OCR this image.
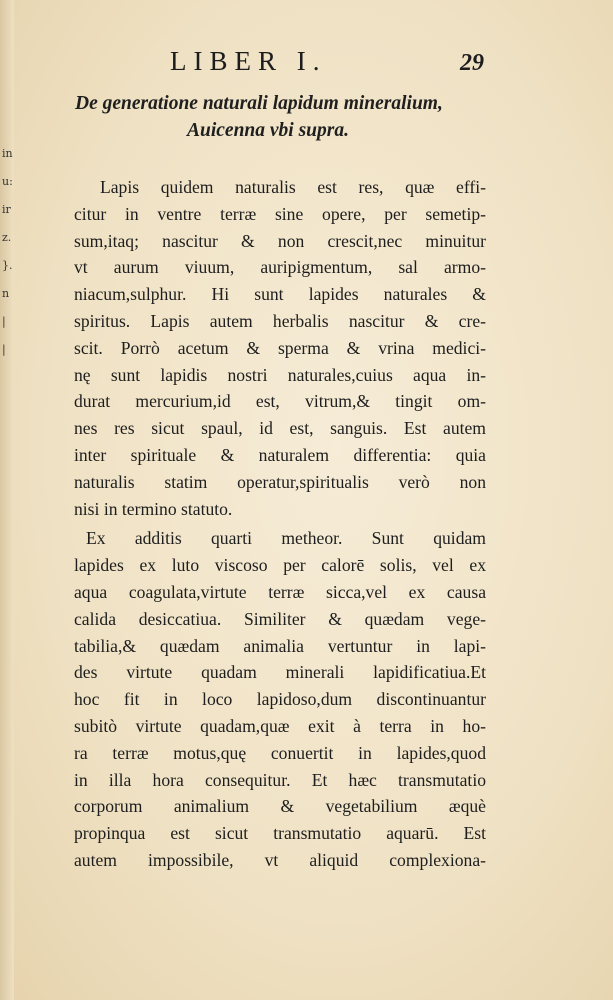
in
u:
ir
z.
}.
n
|
|
LIBER I.	29
De generatione naturali lapidum mineralium,
Auicenna vbi supra.
Lapis quidem naturalis est res, quæ effi-
citur in ventre terræ sine opere, per semetip-
sum,itaq; nascitur & non crescit,nec minuitur
vt aurum viuum, auripigmentum, sal armo-
niacum,sulphur. Hi sunt lapides naturales &
spiritus. Lapis autem herbalis nascitur & cre-
scit. Porrò acetum & sperma & vrina medici-
nę sunt lapidis nostri naturales,cuius aqua in-
durat mercurium,id est, vitrum,& tingit om-
nes res sicut spaul, id est, sanguis. Est autem
inter spirituale & naturalem differentia: quia
naturalis statim operatur,spiritualis verò non
nisi in termino statuto.
Ex additis quarti metheor. Sunt quidam
lapides ex luto viscoso per calorē solis, vel ex
aqua coagulata,virtute terræ sicca,vel ex causa
calida desiccatiua. Similiter & quædam vege-
tabilia,& quædam animalia vertuntur in lapi-
des virtute quadam minerali lapidificatiua.Et
hoc fit in loco lapidoso,dum discontinuantur
subitò virtute quadam,quæ exit à terra in ho-
ra terræ motus,quę conuertit in lapides,quod
in illa hora consequitur. Et hæc transmutatio
corporum animalium & vegetabilium æquè
propinqua est sicut transmutatio aquarū. Est
autem impossibile, vt aliquid complexiona-
